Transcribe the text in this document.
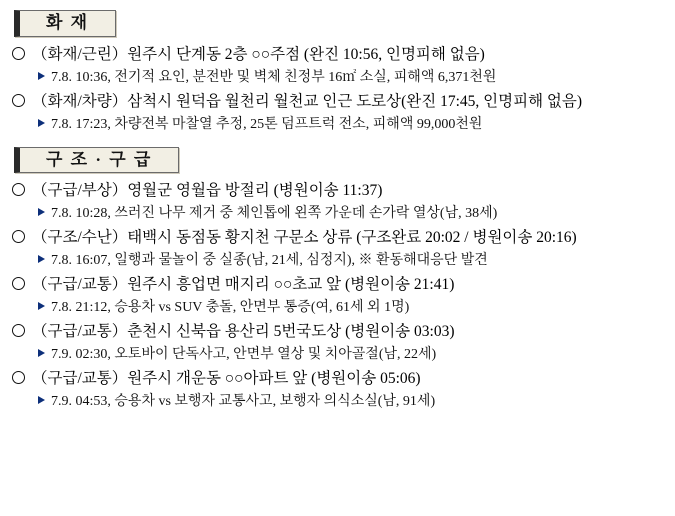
화 재
（화재/근린）원주시 단계동 2층 ○○주점 (완진 10:56, 인명피해 없음)
7.8. 10:36, 전기적 요인, 분전반 및 벽체 친정부 16㎡ 소실, 피해액 6,371천원
（화재/차량）삼척시 원덕읍 월천리 월천교 인근 도로상(완진 17:45, 인명피해 없음)
7.8. 17:23, 차량전복 마찰열 추정, 25톤 덤프트럭 전소, 피해액 99,000천원
구 조 · 구 급
（구급/부상）영월군 영월읍 방절리 (병원이송 11:37)
7.8. 10:28, 쓰러진 나무 제거 중 체인톱에 왼쪽 가운데 손가락 열상(남, 38세)
（구조/수난）태백시 동점동 황지천 구문소 상류 (구조완료 20:02 / 병원이송 20:16)
7.8. 16:07, 일행과 물놀이 중 실종(남, 21세, 심정지), ※ 환동해대응단 발견
（구급/교통）원주시 흥업면 매지리 ○○초교 앞 (병원이송 21:41)
7.8. 21:12, 승용차 vs SUV 충돌, 안면부 통증(여, 61세 외 1명)
（구급/교통）춘천시 신북읍 용산리 5번국도상 (병원이송 03:03)
7.9. 02:30, 오토바이 단독사고, 안면부 열상 및 치아골절(남, 22세)
（구급/교통）원주시 개운동 ○○아파트 앞 (병원이송 05:06)
7.9. 04:53, 승용차 vs 보행자 교통사고, 보행자 의식소실(남, 91세)
